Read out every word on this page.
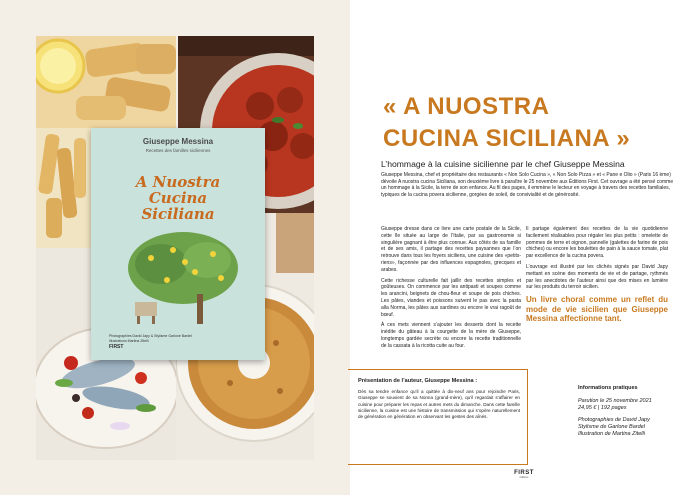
Giuseppe Messina
Recettes des familles siciliennes
A Nuostra
Cucina
Siciliana
Photographies David Japy & Stylisme Garlone Bardel
Illustrations Martina Zitelli
FIRST
« A NUOSTRA
CUCINA SICILIANA »
L’hommage à la cuisine sicilienne par le chef Giuseppe Messina
Giuseppe Messina, chef et propriétaire des restaurants « Non Solo Cucina », « Non Solo Pizza » et « Pane e Olio » (Paris 16 ème) dévoile A nuostra cucina Siciliana, son deuxième livre à paraître le 25 novembre aux Éditions First. Cet ouvrage a été pensé comme un hommage à la Sicile, la terre de son enfance. Au fil des pages, il emmène le lecteur en voyage à travers des recettes familiales, typiques de la cucina povera sicilienne, gorgées de soleil, de convivialité et de générosité.

Giuseppe dresse dans ce livre une carte postale de la Sicile, cette île située au large de l’Italie, par sa gastronomie si singulière gagnant à être plus connue. Aux côtés de sa famille et de ses amis, il partage des recettes paysannes que l’on retrouve dans tous les foyers siciliens, une cuisine des «petits-riens», façonnée par des influences espagnoles, grecques et arabes.

Cette richesse culturelle fait jaillir des recettes simples et goûteuses. On commence par les antipasti et soupes comme les arancini, beignets de chou-fleur et soupe de pois chiches. Les pâtes, viandes et poissons suivent le pas avec la pasta alla Norma, les pâtes aux sardines ou encore le vrai ragoût de bœuf.

À ces mets viennent s’ajouter les desserts dont la recette inédite du gâteau à la courgette de la mère de Giuseppe, longtemps gardée secrète ou encore la recette traditionnelle de la cassata à la ricotta cuite au four.

Il partage également des recettes de la vie quotidienne facilement réalisables pour régaler les plus petits : omelette de pommes de terre et oignon, pannelle (galettes de farine de pois chiches) ou encore les boulettes de pain à la sauce tomate, plat par excellence de la cucina povera.

L’ouvrage est illustré par les clichés signés par David Japy mettant en scène des moments de vie et de partage, rythmés par les anecdotes de l’auteur ainsi que des mises en lumière sur les produits du terroir sicilien.

Un livre choral comme un reflet du mode de vie sicilien que Giuseppe Messina affectionne tant.
Présentation de l’auteur, Giuseppe Messina :
Dès sa tendre enfance qu’il a quittée à dix-neuf ans pour rejoindre Paris, Giuseppe se souvient de sa Nonna (grand-mère), qu’il regardait s’affairer en cuisine pour préparer les repas et autres mets du dimanche. Dans cette famille sicilienne, la cuisine est une histoire de transmission qui s’opère naturellement de génération en génération en observant les gestes des aînés.
Informations pratiques
Parution le 25 novembre 2021
24,95 € | 192 pages
Photographies de David Japy
Stylisme de Garlone Bardel
Illustration de Martina Zitelli
FIRST
éditions
